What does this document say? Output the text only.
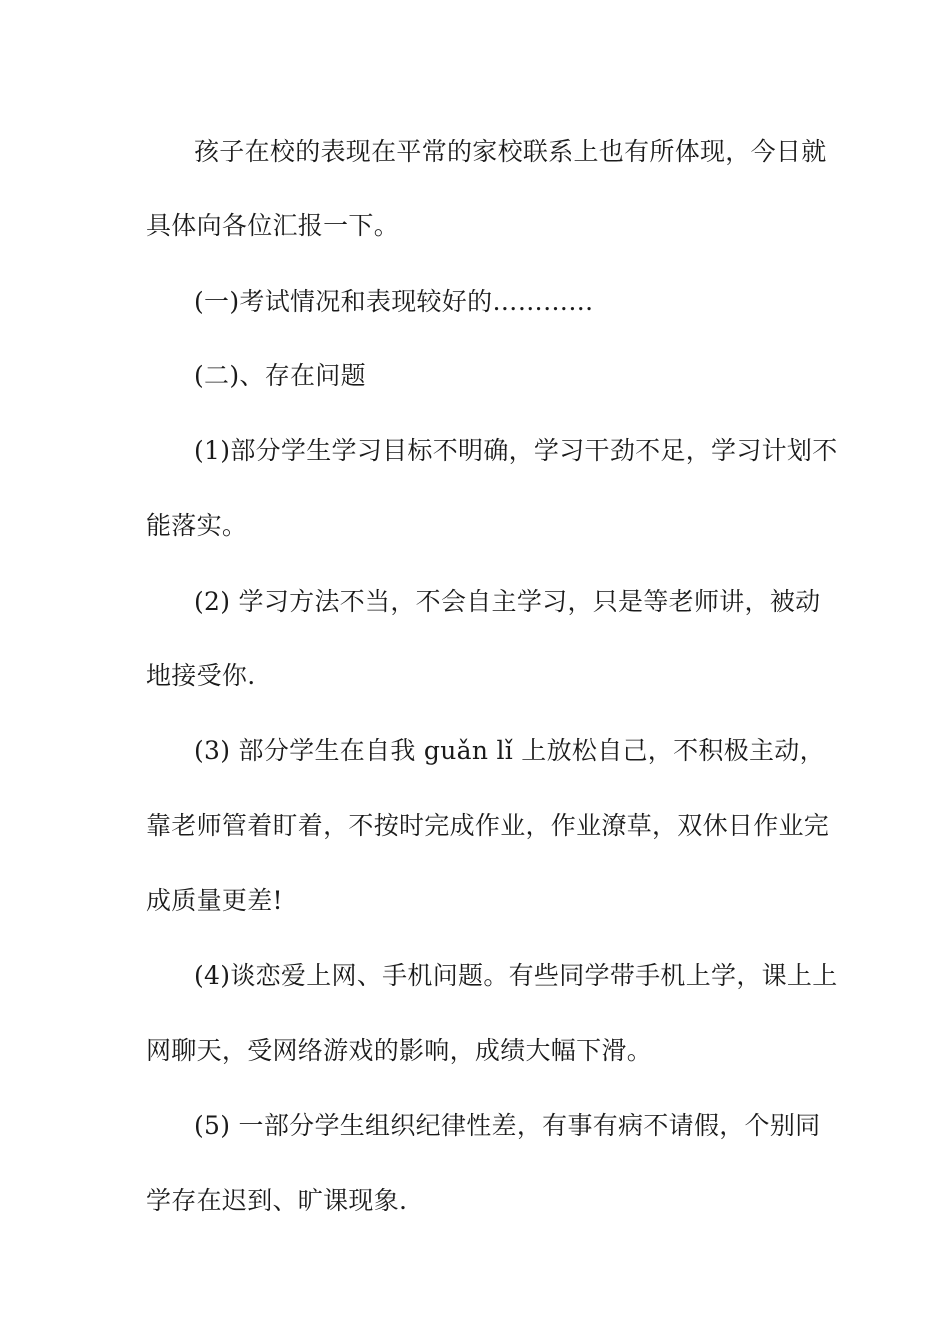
孩子在校的表现在平常的家校联系上也有所体现，今日就
具体向各位汇报一下。
(一)考试情况和表现较好的…………
(二)、存在问题
(1)部分学生学习目标不明确，学习干劲不足，学习计划不
能落实。
(2) 学习方法不当，不会自主学习，只是等老师讲，被动
地接受你.
(3) 部分学生在自我 guǎn lǐ 上放松自己，不积极主动，
靠老师管着盯着，不按时完成作业，作业潦草，双休日作业完
成质量更差!
(4)谈恋爱上网、手机问题。有些同学带手机上学，课上上
网聊天，受网络游戏的影响，成绩大幅下滑。
(5) 一部分学生组织纪律性差，有事有病不请假，个别同
学存在迟到、旷课现象.
